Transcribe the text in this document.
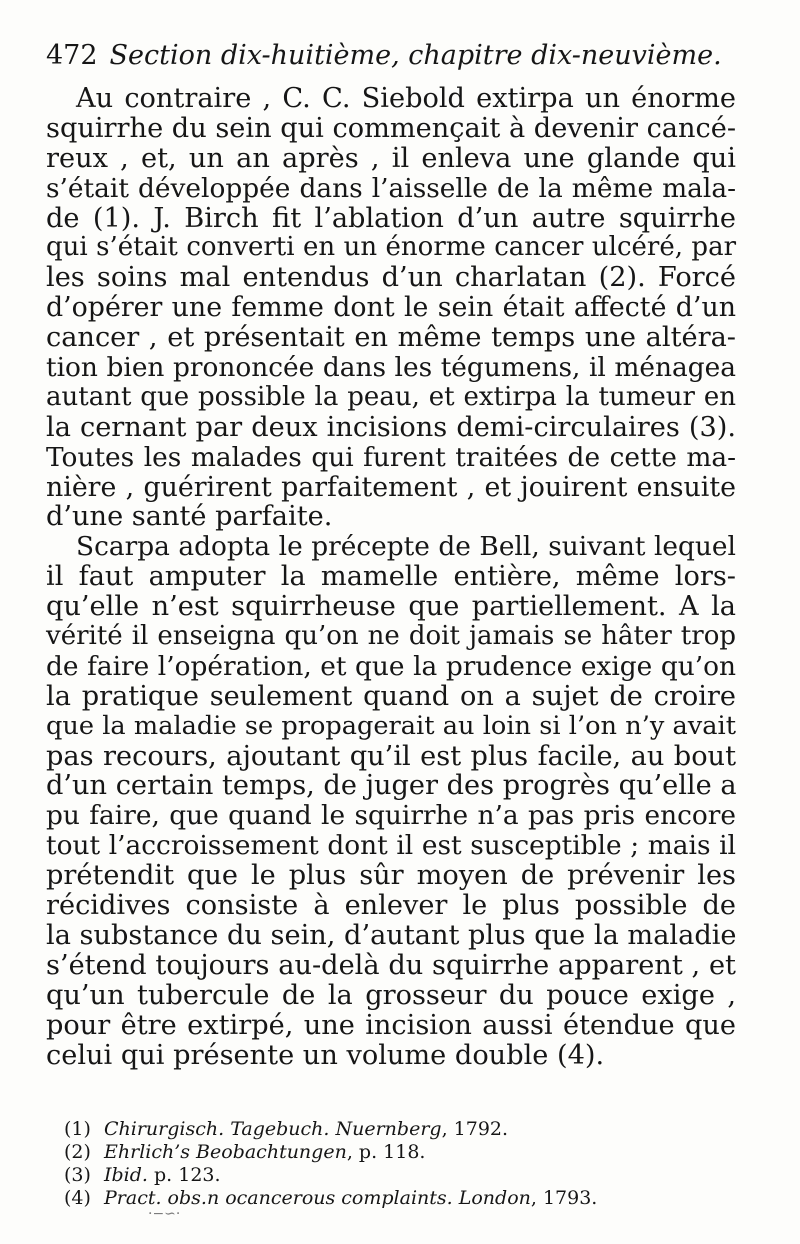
472 Section dix-huitième, chapitre dix-neuvième.
Au contraire , C. C. Siebold extirpa un énorme
squirrhe du sein qui commençait à devenir cancé-
reux , et, un an après , il enleva une glande qui
s’était développée dans l’aisselle de la même mala-
de (1). J. Birch fit l’ablation d’un autre squirrhe
qui s’était converti en un énorme cancer ulcéré, par
les soins mal entendus d’un charlatan (2). Forcé
d’opérer une femme dont le sein était affecté d’un
cancer , et présentait en même temps une altéra-
tion bien prononcée dans les tégumens, il ménagea
autant que possible la peau, et extirpa la tumeur en
la cernant par deux incisions demi-circulaires (3).
Toutes les malades qui furent traitées de cette ma-
nière , guérirent parfaitement , et jouirent ensuite
d’une santé parfaite.
Scarpa adopta le précepte de Bell, suivant lequel
il faut amputer la mamelle entière, même lors-
qu’elle n’est squirrheuse que partiellement. A la
vérité il enseigna qu’on ne doit jamais se hâter trop
de faire l’opération, et que la prudence exige qu’on
la pratique seulement quand on a sujet de croire
que la maladie se propagerait au loin si l’on n’y avait
pas recours, ajoutant qu’il est plus facile, au bout
d’un certain temps, de juger des progrès qu’elle a
pu faire, que quand le squirrhe n’a pas pris encore
tout l’accroissement dont il est susceptible ; mais il
prétendit que le plus sûr moyen de prévenir les
récidives consiste à enlever le plus possible de
la substance du sein, d’autant plus que la maladie
s’étend toujours au-delà du squirrhe apparent , et
qu’un tubercule de la grosseur du pouce exige ,
pour être extirpé, une incision aussi étendue que
celui qui présente un volume double (4).
(1) Chirurgisch. Tagebuch. Nuernberg, 1792.
(2) Ehrlich’s Beobachtungen, p. 118.
(3) Ibid. p. 123.
(4) Pract. obs.n ocancerous complaints. London, 1793.
·−∽·
